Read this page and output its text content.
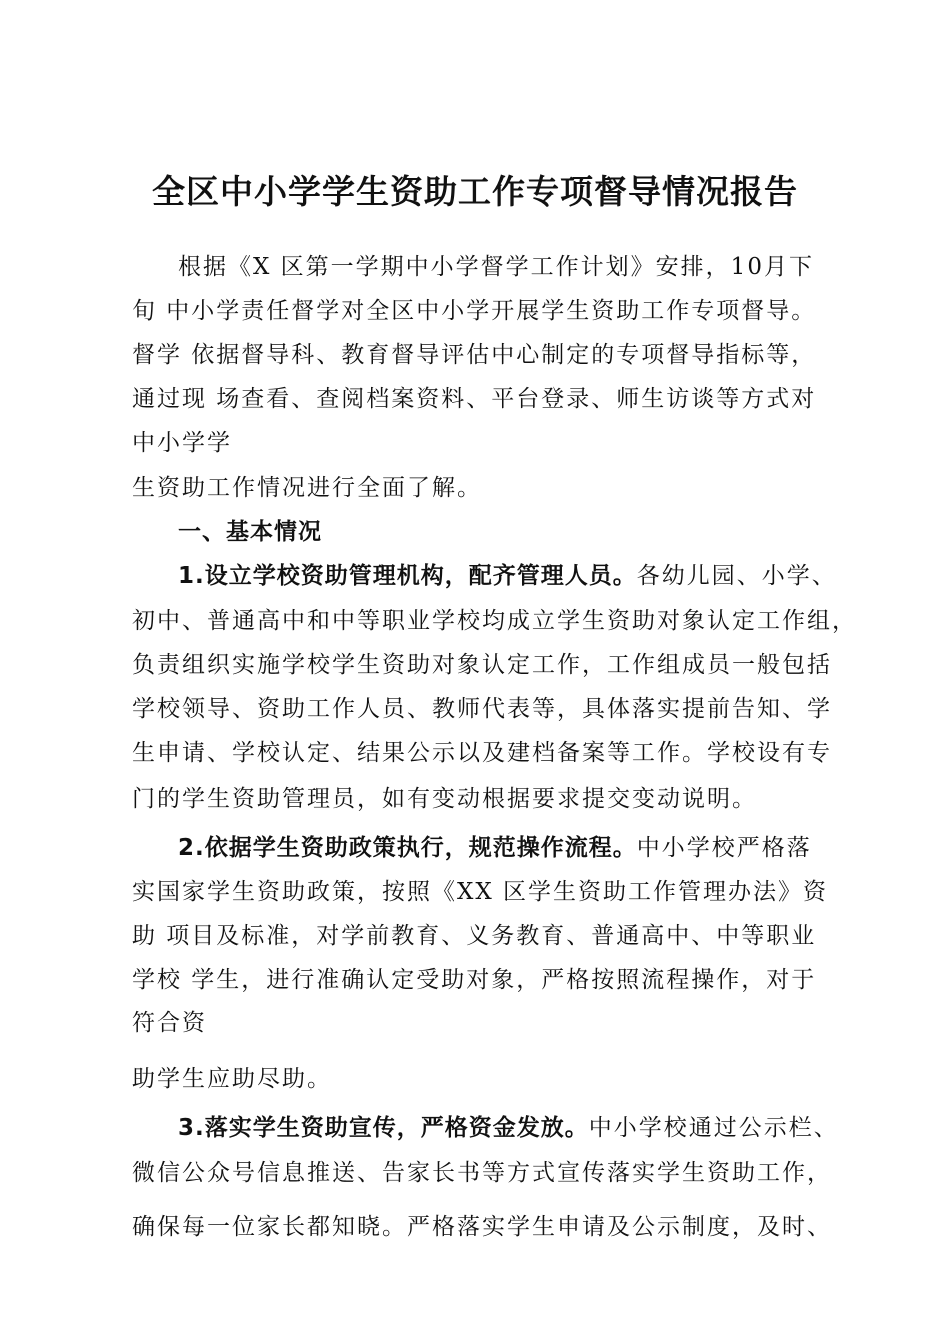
全区中小学学生资助工作专项督导情况报告
根据《X 区第一学期中小学督学工作计划》安排，10月下
旬 中小学责任督学对全区中小学开展学生资助工作专项督导。
督学 依据督导科、教育督导评估中心制定的专项督导指标等，
通过现 场查看、查阅档案资料、平台登录、师生访谈等方式对
中小学学
生资助工作情况进行全面了解。
一、基本情况
1.设立学校资助管理机构，配齐管理人员。各幼儿园、小学、
初中、普通高中和中等职业学校均成立学生资助对象认定工作组，
负责组织实施学校学生资助对象认定工作，工作组成员一般包括
学校领导、资助工作人员、教师代表等，具体落实提前告知、学
生申请、学校认定、结果公示以及建档备案等工作。学校设有专
门的学生资助管理员，如有变动根据要求提交变动说明。
2.依据学生资助政策执行，规范操作流程。中小学校严格落
实国家学生资助政策，按照《XX 区学生资助工作管理办法》资
助 项目及标准，对学前教育、义务教育、普通高中、中等职业
学校 学生，进行准确认定受助对象，严格按照流程操作，对于
符合资
助学生应助尽助。
3.落实学生资助宣传，严格资金发放。中小学校通过公示栏、
微信公众号信息推送、告家长书等方式宣传落实学生资助工作，
确保每一位家长都知晓。严格落实学生申请及公示制度，及时、
